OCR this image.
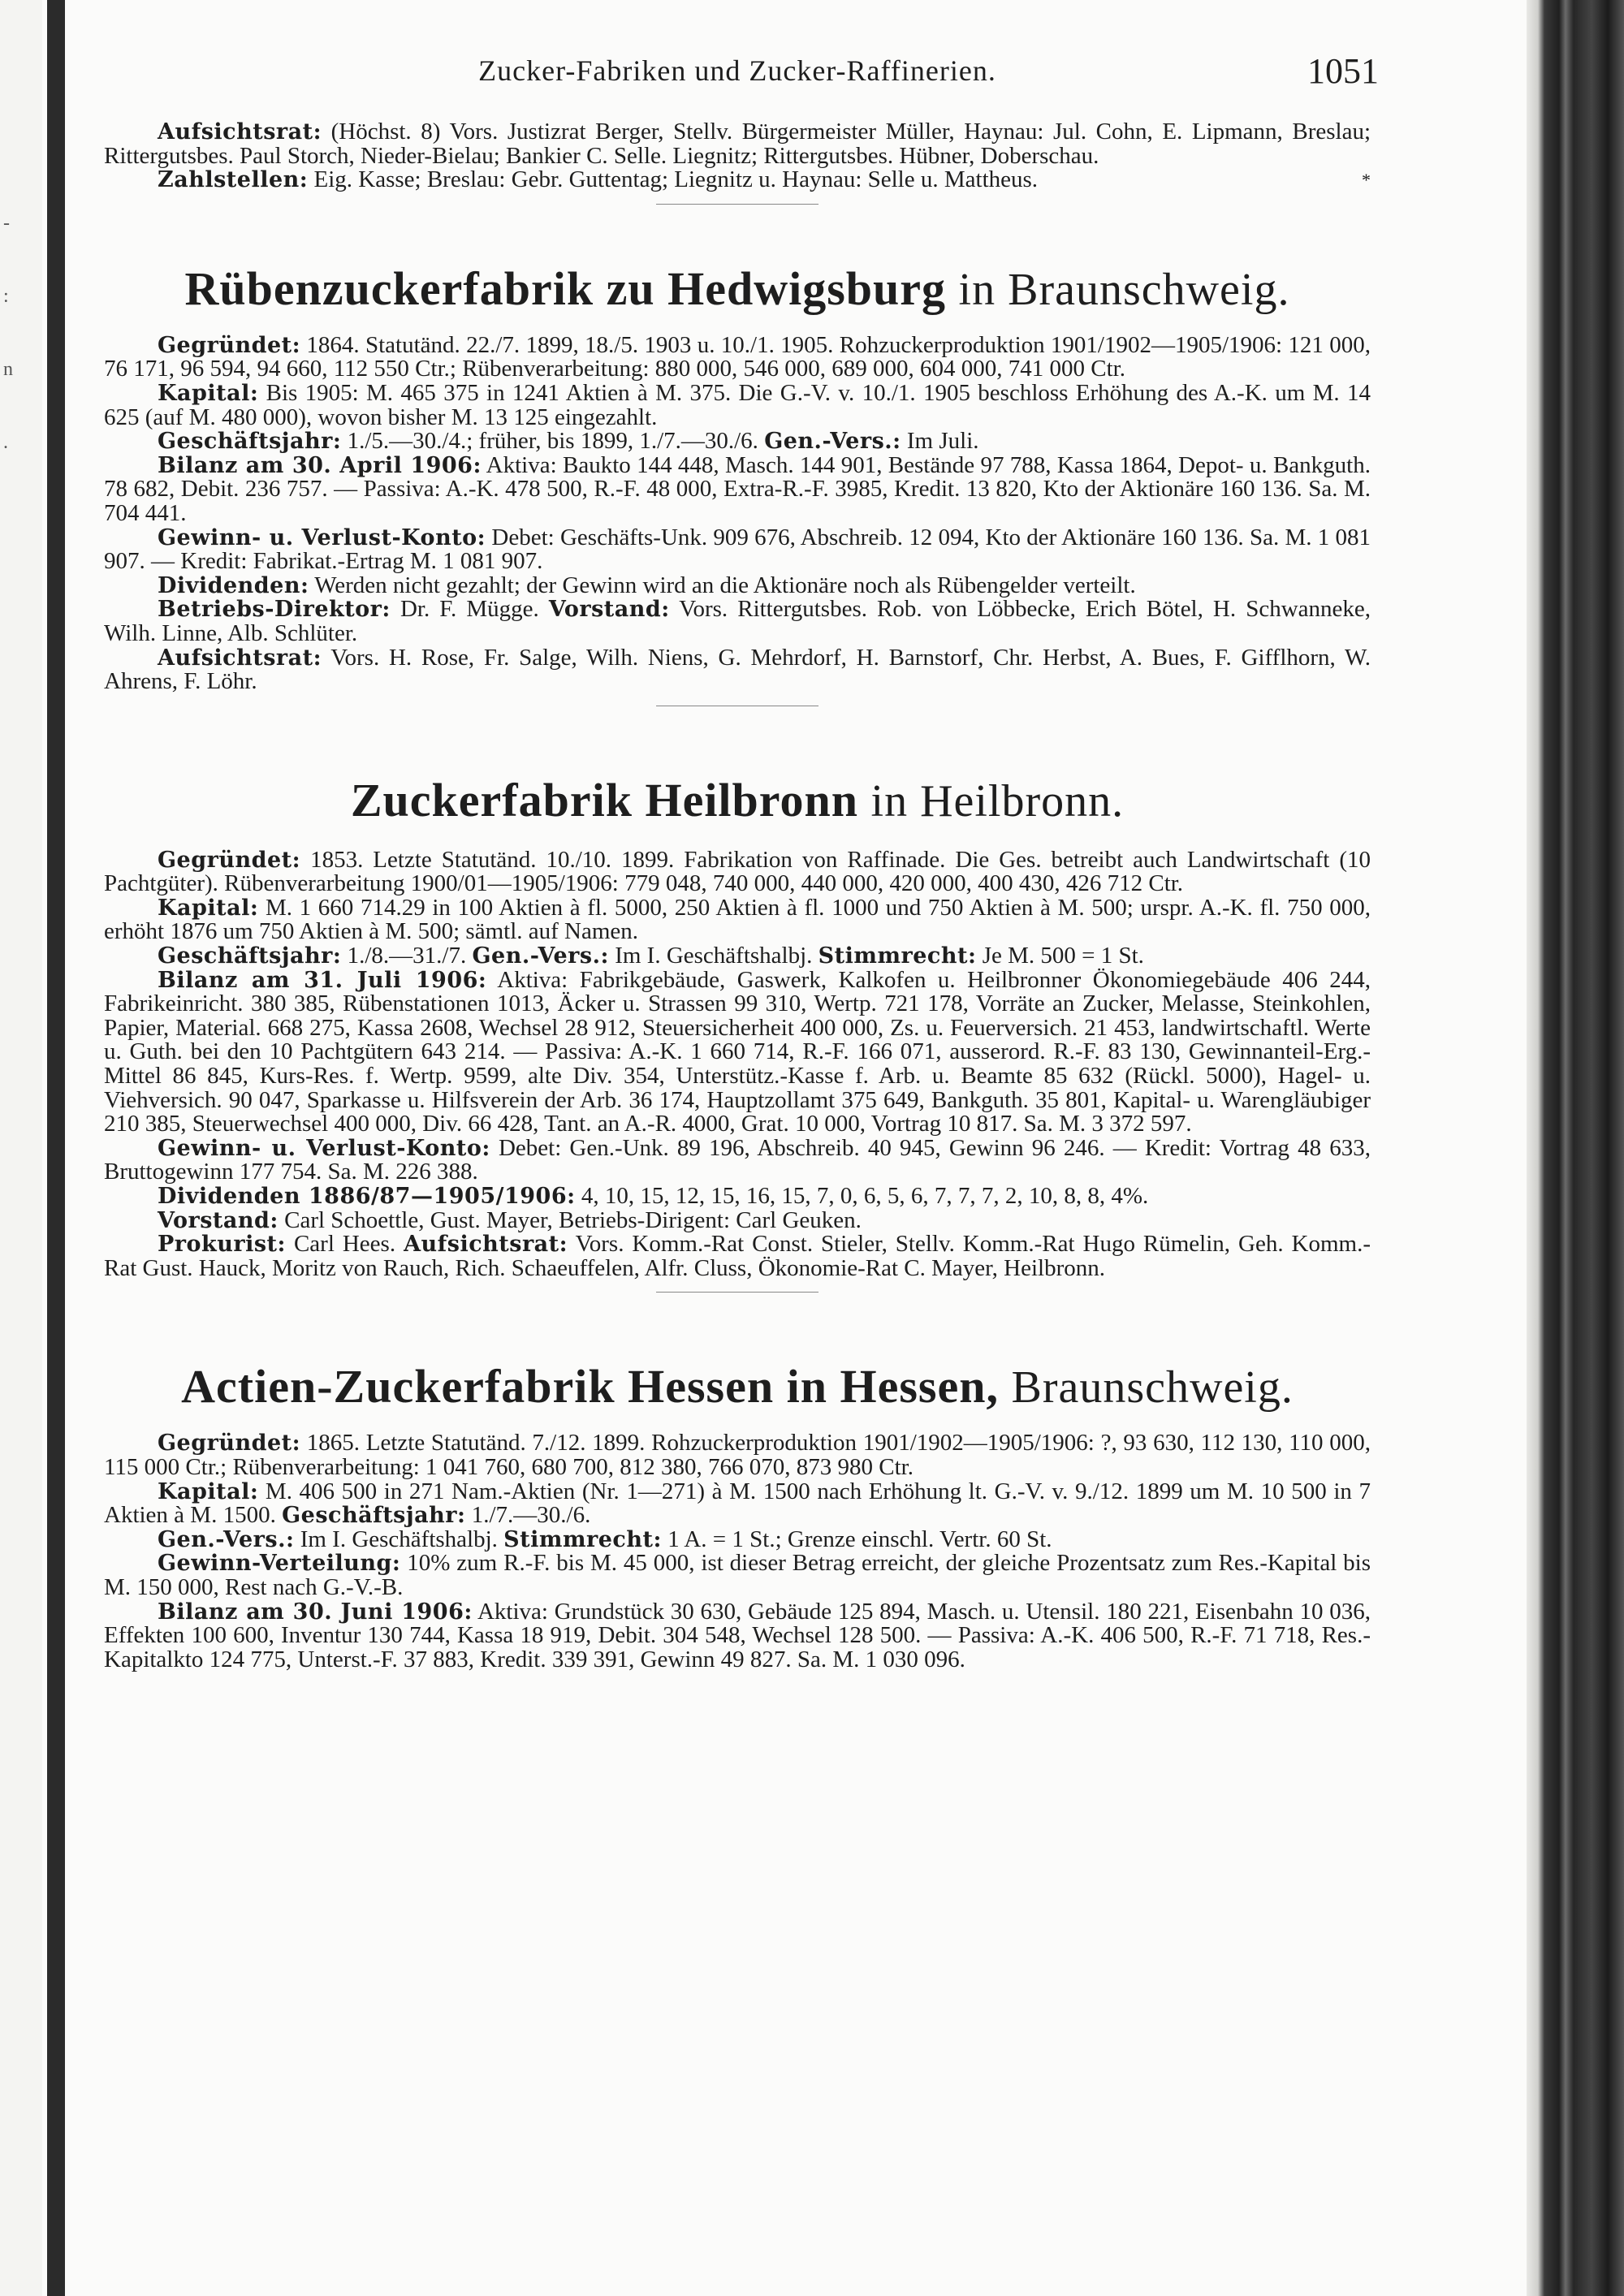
-
:
n
.
Zucker-Fabriken und Zucker-Raffinerien.	1051

Aufsichtsrat: (Höchst. 8) Vors. Justizrat Berger, Stellv. Bürgermeister Müller, Haynau: Jul. Cohn, E. Lipmann, Breslau; Rittergutsbes. Paul Storch, Nieder-Bielau; Bankier C. Selle. Liegnitz; Rittergutsbes. Hübner, Doberschau.

Zahlstellen: Eig. Kasse; Breslau: Gebr. Guttentag; Liegnitz u. Haynau: Selle u. Mattheus.	*

Rübenzuckerfabrik zu Hedwigsburg in Braunschweig.

Gegründet: 1864. Statutänd. 22./7. 1899, 18./5. 1903 u. 10./1. 1905. Rohzuckerproduktion 1901/1902—1905/1906: 121 000, 76 171, 96 594, 94 660, 112 550 Ctr.; Rübenverarbeitung: 880 000, 546 000, 689 000, 604 000, 741 000 Ctr.

Kapital: Bis 1905: M. 465 375 in 1241 Aktien à M. 375. Die G.-V. v. 10./1. 1905 beschloss Erhöhung des A.-K. um M. 14 625 (auf M. 480 000), wovon bisher M. 13 125 eingezahlt.

Geschäftsjahr: 1./5.—30./4.; früher, bis 1899, 1./7.—30./6. Gen.-Vers.: Im Juli.

Bilanz am 30. April 1906: Aktiva: Baukto 144 448, Masch. 144 901, Bestände 97 788, Kassa 1864, Depot- u. Bankguth. 78 682, Debit. 236 757. — Passiva: A.-K. 478 500, R.-F. 48 000, Extra-R.-F. 3985, Kredit. 13 820, Kto der Aktionäre 160 136. Sa. M. 704 441.

Gewinn- u. Verlust-Konto: Debet: Geschäfts-Unk. 909 676, Abschreib. 12 094, Kto der Aktionäre 160 136. Sa. M. 1 081 907. — Kredit: Fabrikat.-Ertrag M. 1 081 907.

Dividenden: Werden nicht gezahlt; der Gewinn wird an die Aktionäre noch als Rübengelder verteilt.

Betriebs-Direktor: Dr. F. Mügge. Vorstand: Vors. Rittergutsbes. Rob. von Löbbecke, Erich Bötel, H. Schwanneke, Wilh. Linne, Alb. Schlüter.

Aufsichtsrat: Vors. H. Rose, Fr. Salge, Wilh. Niens, G. Mehrdorf, H. Barnstorf, Chr. Herbst, A. Bues, F. Gifflhorn, W. Ahrens, F. Löhr.

Zuckerfabrik Heilbronn in Heilbronn.

Gegründet: 1853. Letzte Statutänd. 10./10. 1899. Fabrikation von Raffinade. Die Ges. betreibt auch Landwirtschaft (10 Pachtgüter). Rübenverarbeitung 1900/01—1905/1906: 779 048, 740 000, 440 000, 420 000, 400 430, 426 712 Ctr.

Kapital: M. 1 660 714.29 in 100 Aktien à fl. 5000, 250 Aktien à fl. 1000 und 750 Aktien à M. 500; urspr. A.-K. fl. 750 000, erhöht 1876 um 750 Aktien à M. 500; sämtl. auf Namen.

Geschäftsjahr: 1./8.—31./7. Gen.-Vers.: Im I. Geschäftshalbj. Stimmrecht: Je M. 500 = 1 St.

Bilanz am 31. Juli 1906: Aktiva: Fabrikgebäude, Gaswerk, Kalkofen u. Heilbronner Ökonomiegebäude 406 244, Fabrikeinricht. 380 385, Rübenstationen 1013, Äcker u. Strassen 99 310, Wertp. 721 178, Vorräte an Zucker, Melasse, Steinkohlen, Papier, Material. 668 275, Kassa 2608, Wechsel 28 912, Steuersicherheit 400 000, Zs. u. Feuerversich. 21 453, landwirtschaftl. Werte u. Guth. bei den 10 Pachtgütern 643 214. — Passiva: A.-K. 1 660 714, R.-F. 166 071, ausserord. R.-F. 83 130, Gewinnanteil-Erg.-Mittel 86 845, Kurs-Res. f. Wertp. 9599, alte Div. 354, Unterstütz.-Kasse f. Arb. u. Beamte 85 632 (Rückl. 5000), Hagel- u. Viehversich. 90 047, Sparkasse u. Hilfsverein der Arb. 36 174, Hauptzollamt 375 649, Bankguth. 35 801, Kapital- u. Warengläubiger 210 385, Steuerwechsel 400 000, Div. 66 428, Tant. an A.-R. 4000, Grat. 10 000, Vortrag 10 817. Sa. M. 3 372 597.

Gewinn- u. Verlust-Konto: Debet: Gen.-Unk. 89 196, Abschreib. 40 945, Gewinn 96 246. — Kredit: Vortrag 48 633, Bruttogewinn 177 754. Sa. M. 226 388.

Dividenden 1886/87—1905/1906: 4, 10, 15, 12, 15, 16, 15, 7, 0, 6, 5, 6, 7, 7, 7, 2, 10, 8, 8, 4%.

Vorstand: Carl Schoettle, Gust. Mayer, Betriebs-Dirigent: Carl Geuken.

Prokurist: Carl Hees. Aufsichtsrat: Vors. Komm.-Rat Const. Stieler, Stellv. Komm.-Rat Hugo Rümelin, Geh. Komm.-Rat Gust. Hauck, Moritz von Rauch, Rich. Schaeuffelen, Alfr. Cluss, Ökonomie-Rat C. Mayer, Heilbronn.

Actien-Zuckerfabrik Hessen in Hessen, Braunschweig.

Gegründet: 1865. Letzte Statutänd. 7./12. 1899. Rohzuckerproduktion 1901/1902—1905/1906: ?, 93 630, 112 130, 110 000, 115 000 Ctr.; Rübenverarbeitung: 1 041 760, 680 700, 812 380, 766 070, 873 980 Ctr.

Kapital: M. 406 500 in 271 Nam.-Aktien (Nr. 1—271) à M. 1500 nach Erhöhung lt. G.-V. v. 9./12. 1899 um M. 10 500 in 7 Aktien à M. 1500. Geschäftsjahr: 1./7.—30./6.

Gen.-Vers.: Im I. Geschäftshalbj. Stimmrecht: 1 A. = 1 St.; Grenze einschl. Vertr. 60 St.

Gewinn-Verteilung: 10% zum R.-F. bis M. 45 000, ist dieser Betrag erreicht, der gleiche Prozentsatz zum Res.-Kapital bis M. 150 000, Rest nach G.-V.-B.

Bilanz am 30. Juni 1906: Aktiva: Grundstück 30 630, Gebäude 125 894, Masch. u. Utensil. 180 221, Eisenbahn 10 036, Effekten 100 600, Inventur 130 744, Kassa 18 919, Debit. 304 548, Wechsel 128 500. — Passiva: A.-K. 406 500, R.-F. 71 718, Res.-Kapitalkto 124 775, Unterst.-F. 37 883, Kredit. 339 391, Gewinn 49 827. Sa. M. 1 030 096.
